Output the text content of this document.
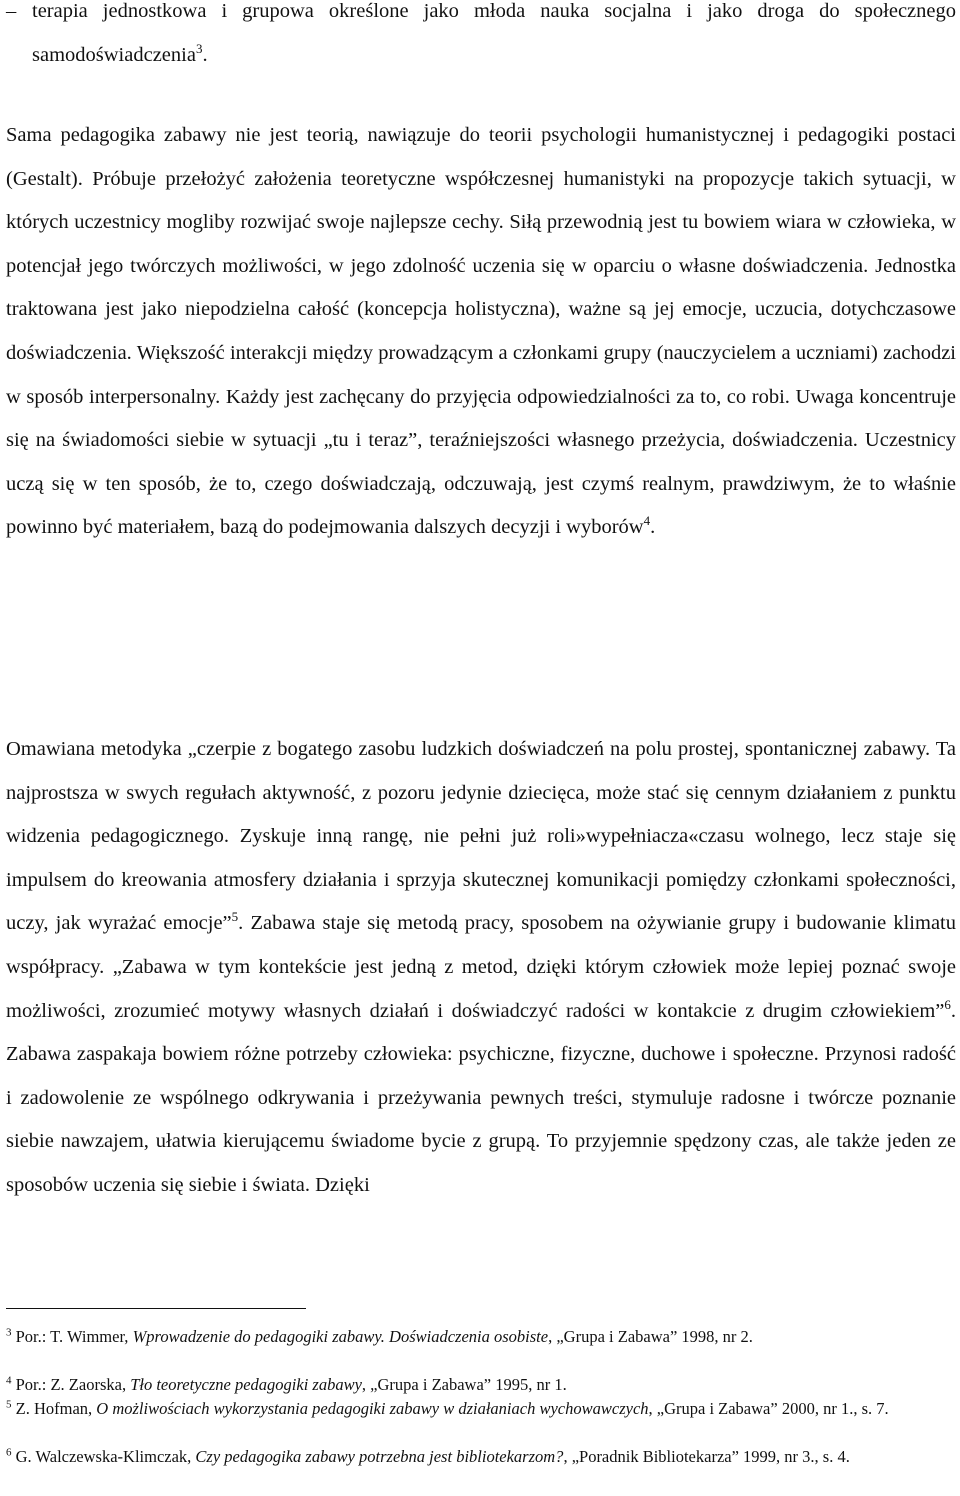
– terapia jednostkowa i grupowa określone jako młoda nauka socjalna i jako droga do społecznego samodoświadczenia$^3$.

Sama pedagogika zabawy nie jest teorią, nawiązuje do teorii psychologii humanistycznej i pedagogiki postaci (Gestalt). Próbuje przełożyć założenia teoretyczne współczesnej humanistyki na propozycje takich sytuacji, w których uczestnicy mogliby rozwijać swoje najlepsze cechy. Siłą przewodnią jest tu bowiem wiara w człowieka, w potencjał jego twórczych możliwości, w jego zdolność uczenia się w oparciu o własne doświadczenia. Jednostka traktowana jest jako niepodzielna całość (koncepcja holistyczna), ważne są jej emocje, uczucia, dotychczasowe doświadczenia. Większość interakcji między prowadzącym a członkami grupy (nauczycielem a uczniami) zachodzi w sposób interpersonalny. Każdy jest zachęcany do przyjęcia odpowiedzialności za to, co robi. Uwaga koncentruje się na świadomości siebie w sytuacji „tu i teraz”, teraźniejszości własnego przeżycia, doświadczenia. Uczestnicy uczą się w ten sposób, że to, czego doświadczają, odczuwają, jest czymś realnym, prawdziwym, że to właśnie powinno być materiałem, bazą do podejmowania dalszych decyzji i wyborów$^4$.

Omawiana metodyka „czerpie z bogatego zasobu ludzkich doświadczeń na polu prostej, spontanicznej zabawy. Ta najprostsza w swych regułach aktywność, z pozoru jedynie dziecięca, może stać się cennym działaniem z punktu widzenia pedagogicznego. Zyskuje inną rangę, nie pełni już roli»wypełniacza«czasu wolnego, lecz staje się impulsem do kreowania atmosfery działania i sprzyja skutecznej komunikacji pomiędzy członkami społeczności, uczy, jak wyrażać emocje”$^5$. Zabawa staje się metodą pracy, sposobem na ożywianie grupy i budowanie klimatu współpracy. „Zabawa w tym kontekście jest jedną z metod, dzięki którym człowiek może lepiej poznać swoje możliwości, zrozumieć motywy własnych działań i doświadczyć radości w kontakcie z drugim człowiekiem”$^6$. Zabawa zaspakaja bowiem różne potrzeby człowieka: psychiczne, fizyczne, duchowe i społeczne. Przynosi radość i zadowolenie ze wspólnego odkrywania i przeżywania pewnych treści, stymuluje radosne i twórcze poznanie siebie nawzajem, ułatwia kierującemu świadome bycie z grupą. To przyjemnie spędzony czas, ale także jeden ze sposobów uczenia się siebie i świata. Dzięki

$^3$ Por.: T. Wimmer, Wprowadzenie do pedagogiki zabawy. Doświadczenia osobiste, „Grupa i Zabawa” 1998, nr 2.
$^4$ Por.: Z. Zaorska, Tło teoretyczne pedagogiki zabawy, „Grupa i Zabawa” 1995, nr 1.
$^5$ Z. Hofman, O możliwościach wykorzystania pedagogiki zabawy w działaniach wychowawczych, „Grupa i Zabawa” 2000, nr 1., s. 7.
$^6$ G. Walczewska-Klimczak, Czy pedagogika zabawy potrzebna jest bibliotekarzom?, „Poradnik Bibliotekarza” 1999, nr 3., s. 4.
